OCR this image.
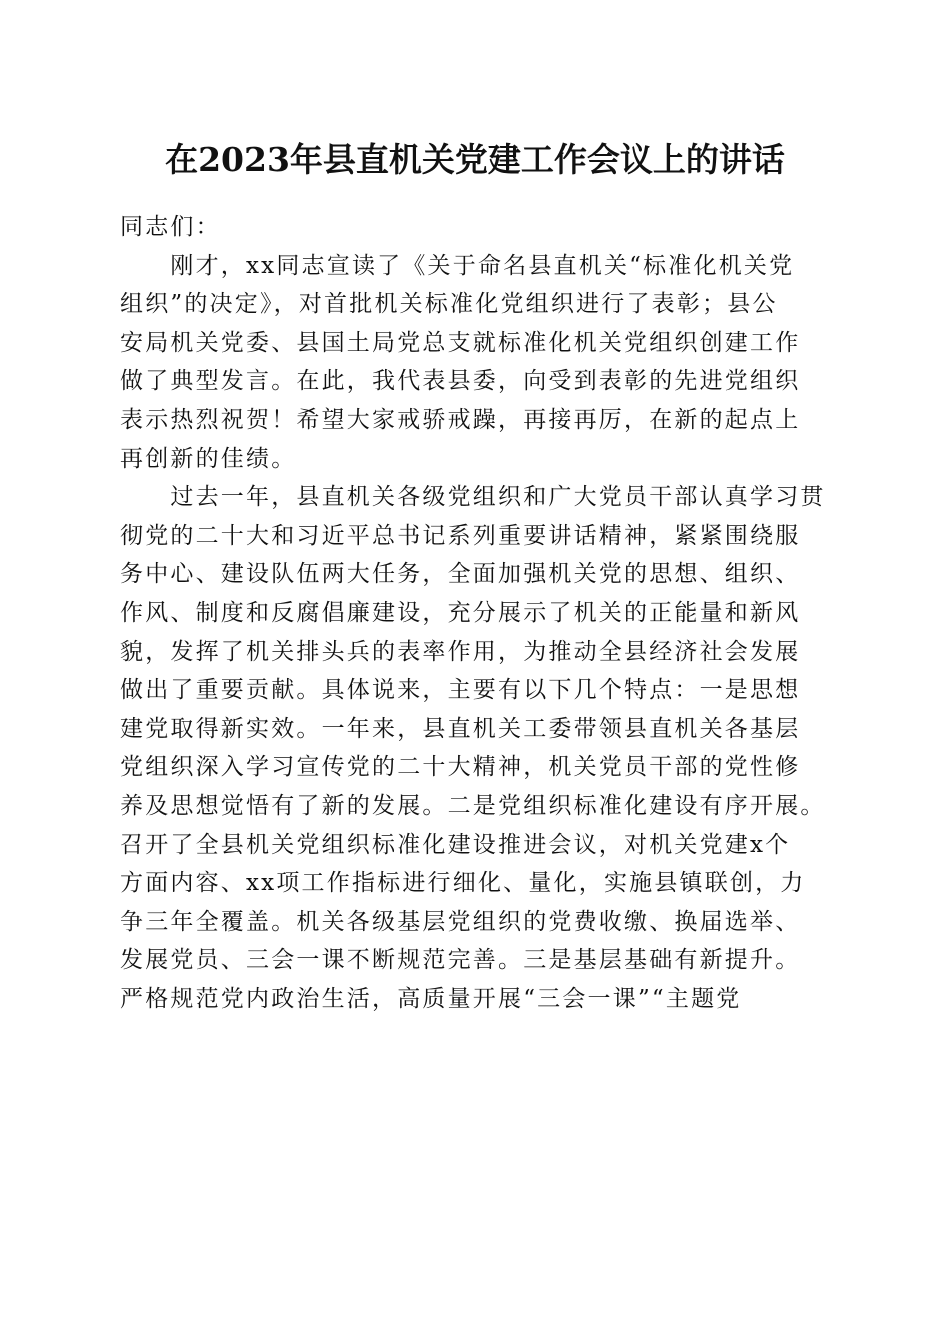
在2023年县直机关党建工作会议上的讲话
同志们：
　　刚才，xx同志宣读了《关于命名县直机关“标准化机关党
组织”的决定》，对首批机关标准化党组织进行了表彰；县公
安局机关党委、县国土局党总支就标准化机关党组织创建工作
做了典型发言。在此，我代表县委，向受到表彰的先进党组织
表示热烈祝贺！希望大家戒骄戒躁，再接再厉，在新的起点上
再创新的佳绩。
　　过去一年，县直机关各级党组织和广大党员干部认真学习贯
彻党的二十大和习近平总书记系列重要讲话精神，紧紧围绕服
务中心、建设队伍两大任务，全面加强机关党的思想、组织、
作风、制度和反腐倡廉建设，充分展示了机关的正能量和新风
貌，发挥了机关排头兵的表率作用，为推动全县经济社会发展
做出了重要贡献。具体说来，主要有以下几个特点：一是思想
建党取得新实效。一年来，县直机关工委带领县直机关各基层
党组织深入学习宣传党的二十大精神，机关党员干部的党性修
养及思想觉悟有了新的发展。二是党组织标准化建设有序开展。
召开了全县机关党组织标准化建设推进会议，对机关党建x个
方面内容、xx项工作指标进行细化、量化，实施县镇联创，力
争三年全覆盖。机关各级基层党组织的党费收缴、换届选举、
发展党员、三会一课不断规范完善。三是基层基础有新提升。
严格规范党内政治生活，高质量开展“三会一课”“主题党
